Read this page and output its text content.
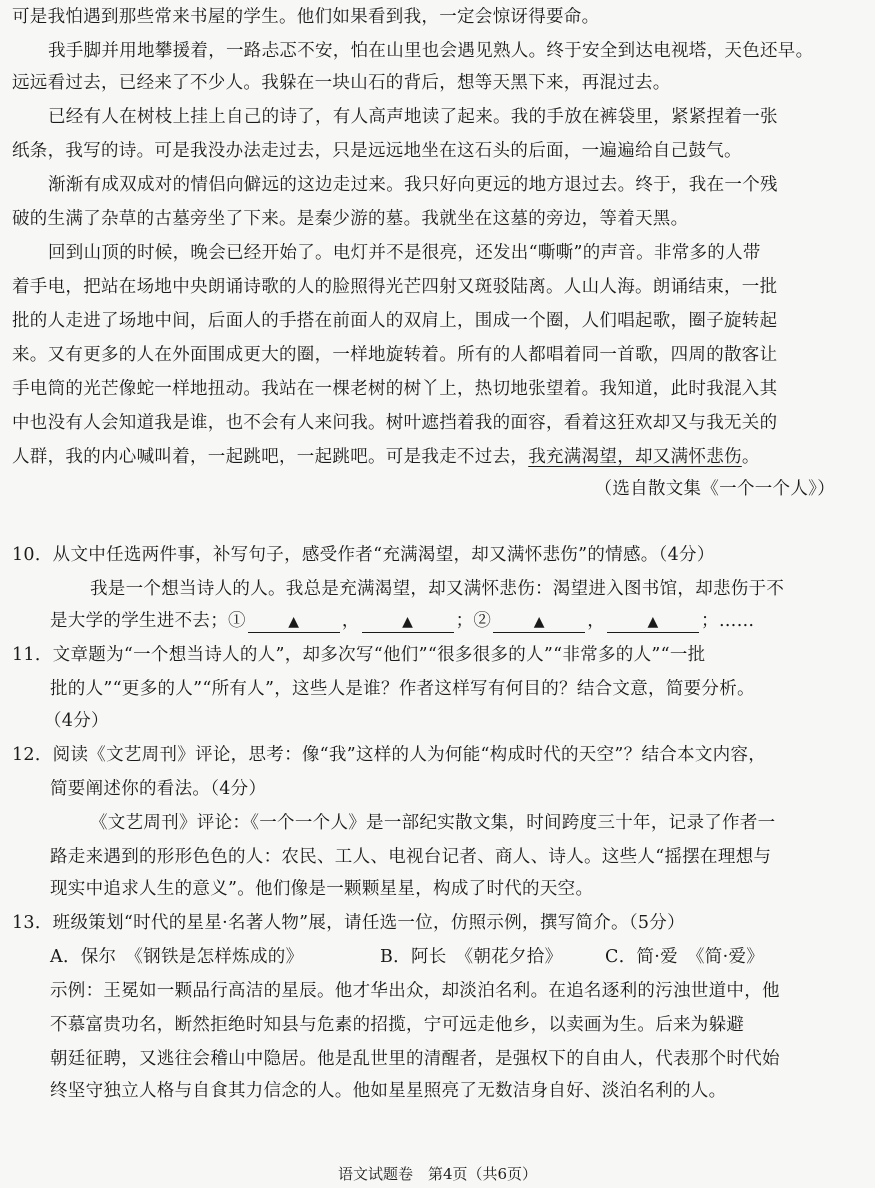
可是我怕遇到那些常来书屋的学生。他们如果看到我，一定会惊讶得要命。
我手脚并用地攀援着，一路忐忑不安，怕在山里也会遇见熟人。终于安全到达电视塔，天色还早。
远远看过去，已经来了不少人。我躲在一块山石的背后，想等天黑下来，再混过去。
已经有人在树枝上挂上自己的诗了，有人高声地读了起来。我的手放在裤袋里，紧紧捏着一张
纸条，我写的诗。可是我没办法走过去，只是远远地坐在这石头的后面，一遍遍给自己鼓气。
渐渐有成双成对的情侣向僻远的这边走过来。我只好向更远的地方退过去。终于，我在一个残
破的生满了杂草的古墓旁坐了下来。是秦少游的墓。我就坐在这墓的旁边，等着天黑。
回到山顶的时候，晚会已经开始了。电灯并不是很亮，还发出“嘶嘶”的声音。非常多的人带
着手电，把站在场地中央朗诵诗歌的人的脸照得光芒四射又斑驳陆离。人山人海。朗诵结束，一批
批的人走进了场地中间，后面人的手搭在前面人的双肩上，围成一个圈，人们唱起歌，圈子旋转起
来。又有更多的人在外面围成更大的圈，一样地旋转着。所有的人都唱着同一首歌，四周的散客让
手电筒的光芒像蛇一样地扭动。我站在一棵老树的树丫上，热切地张望着。我知道，此时我混入其
中也没有人会知道我是谁，也不会有人来问我。树叶遮挡着我的面容，看着这狂欢却又与我无关的
人群，我的内心喊叫着，一起跳吧，一起跳吧。可是我走不过去，我充满渴望，却又满怀悲伤。
（选自散文集《一个一个人》）
10．从文中任选两件事，补写句子，感受作者“充满渴望，却又满怀悲伤”的情感。（4分）
我是一个想当诗人的人。我总是充满渴望，却又满怀悲伤：渴望进入图书馆，却悲伤于不
是大学的学生进不去；①	▲ ，	▲ ；②	▲ ，	▲ ；……
11．文章题为“一个想当诗人的人”，却多次写“他们”“很多很多的人”“非常多的人”“一批
批的人”“更多的人”“所有人”，这些人是谁？作者这样写有何目的？结合文意，简要分析。
（4分）
12．阅读《文艺周刊》评论，思考：像“我”这样的人为何能“构成时代的天空”？结合本文内容，
简要阐述你的看法。（4分）
《文艺周刊》评论：《一个一个人》是一部纪实散文集，时间跨度三十年，记录了作者一
路走来遇到的形形色色的人：农民、工人、电视台记者、商人、诗人。这些人“摇摆在理想与
现实中追求人生的意义”。他们像是一颗颗星星，构成了时代的天空。
13．班级策划“时代的星星·名著人物”展，请任选一位，仿照示例，撰写简介。（5分）
A．保尔　《钢铁是怎样炼成的》	B．阿长　《朝花夕拾》 C．简·爱　《简·爱》
示例：王冕如一颗品行高洁的星辰。他才华出众，却淡泊名利。在追名逐利的污浊世道中，他
不慕富贵功名，断然拒绝时知县与危素的招揽，宁可远走他乡，以卖画为生。后来为躲避
朝廷征聘，又逃往会稽山中隐居。他是乱世里的清醒者，是强权下的自由人，代表那个时代始
终坚守独立人格与自食其力信念的人。他如星星照亮了无数洁身自好、淡泊名利的人。
语文试题卷　第4页（共6页）
